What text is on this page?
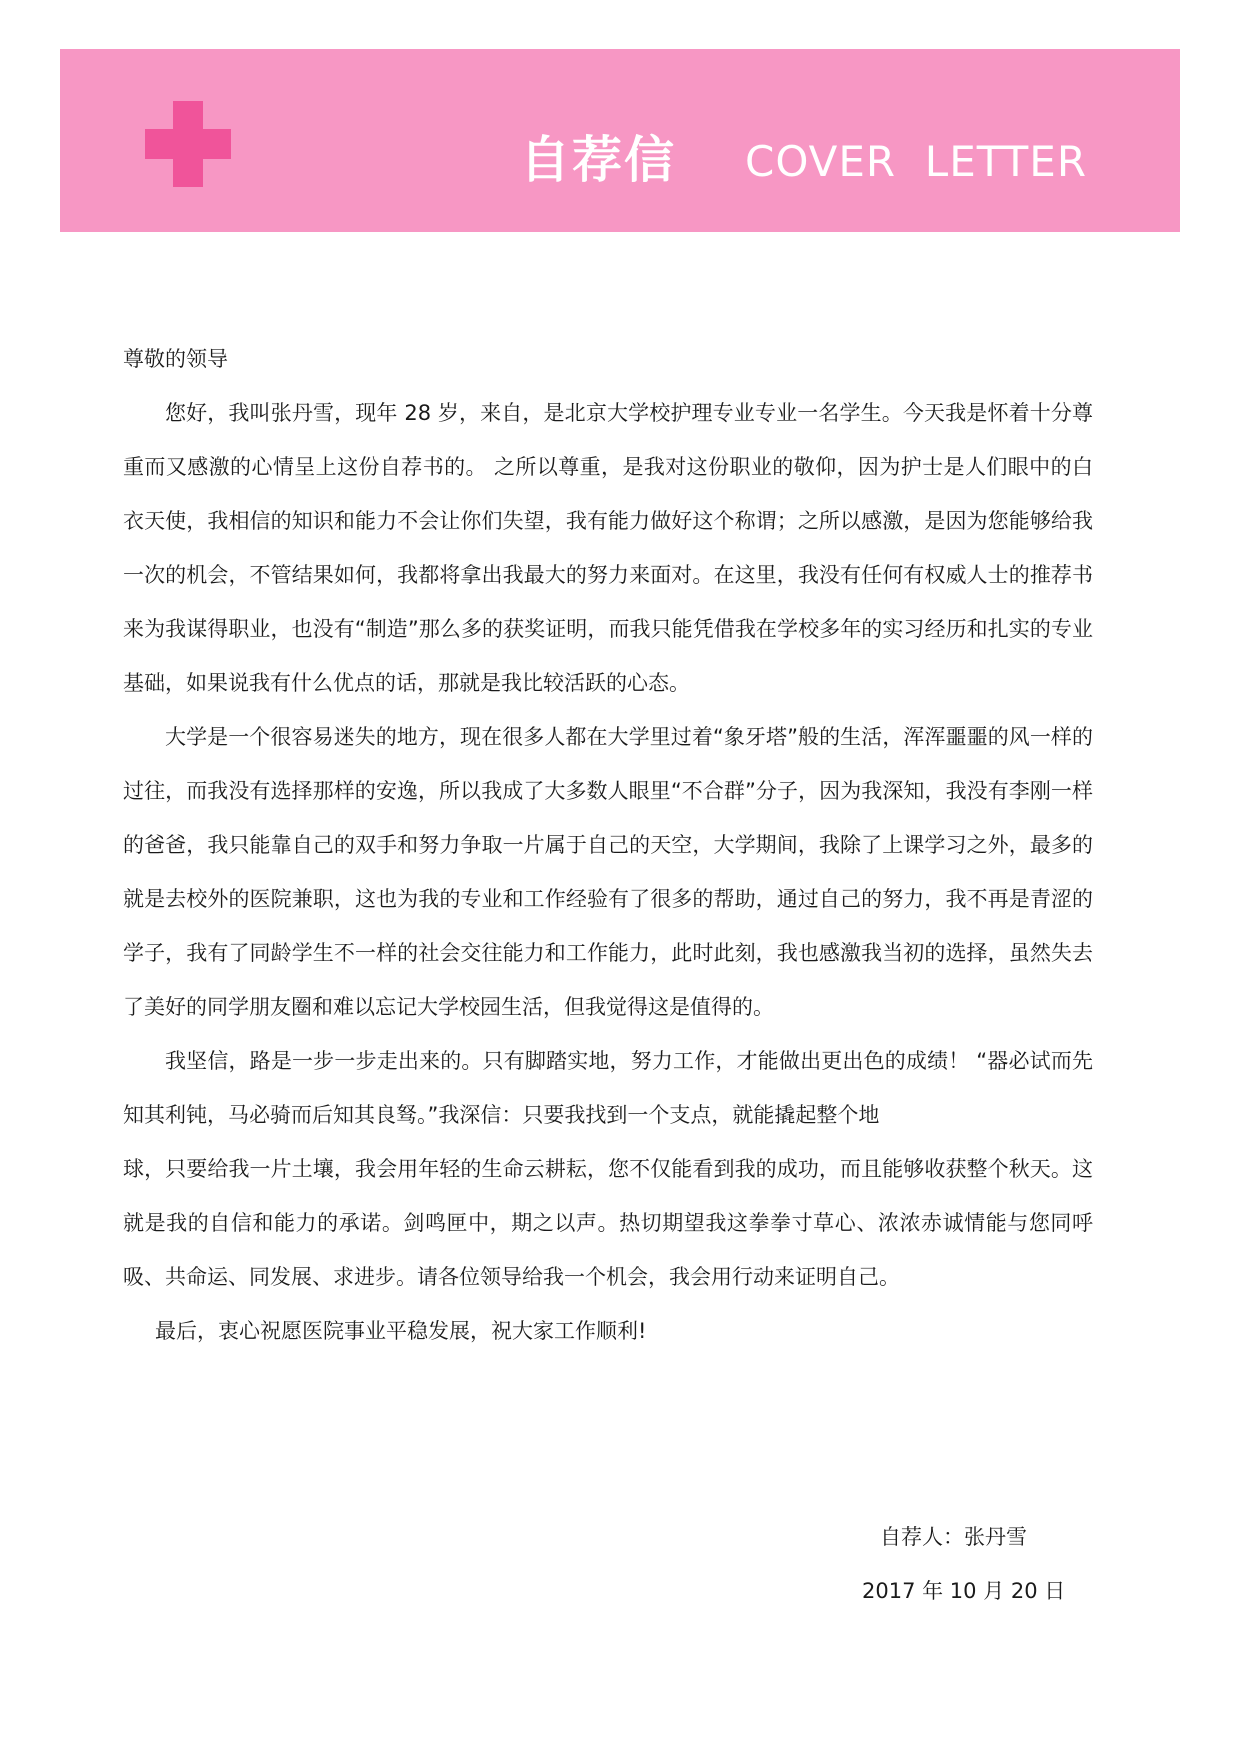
自荐信 COVER  LETTER

尊敬的领导

您好，我叫张丹雪，现年 28 岁，来自，是北京大学校护理专业专业一名学生。今天我是怀着十分尊重而又感激的心情呈上这份自荐书的。 之所以尊重，是我对这份职业的敬仰，因为护士是人们眼中的白衣天使，我相信的知识和能力不会让你们失望，我有能力做好这个称谓；之所以感激，是因为您能够给我一次的机会，不管结果如何，我都将拿出我最大的努力来面对。在这里，我没有任何有权威人士的推荐书来为我谋得职业，也没有“制造”那么多的获奖证明，而我只能凭借我在学校多年的实习经历和扎实的专业基础，如果说我有什么优点的话，那就是我比较活跃的心态。

大学是一个很容易迷失的地方，现在很多人都在大学里过着“象牙塔”般的生活，浑浑噩噩的风一样的过往，而我没有选择那样的安逸，所以我成了大多数人眼里“不合群”分子，因为我深知，我没有李刚一样的爸爸，我只能靠自己的双手和努力争取一片属于自己的天空，大学期间，我除了上课学习之外，最多的就是去校外的医院兼职，这也为我的专业和工作经验有了很多的帮助，通过自己的努力，我不再是青涩的学子，我有了同龄学生不一样的社会交往能力和工作能力，此时此刻，我也感激我当初的选择，虽然失去了美好的同学朋友圈和难以忘记大学校园生活，但我觉得这是值得的。

我坚信，路是一步一步走出来的。只有脚踏实地，努力工作，才能做出更出色的成绩！ “器必试而先知其利钝，马必骑而后知其良驽。”我深信：只要我找到一个支点，就能撬起整个地

球，只要给我一片土壤，我会用年轻的生命云耕耘，您不仅能看到我的成功，而且能够收获整个秋天。这就是我的自信和能力的承诺。剑鸣匣中，期之以声。热切期望我这拳拳寸草心、浓浓赤诚情能与您同呼吸、共命运、同发展、求进步。请各位领导给我一个机会，我会用行动来证明自己。

最后，衷心祝愿医院事业平稳发展，祝大家工作顺利!

自荐人：张丹雪
2017 年 10 月 20 日
